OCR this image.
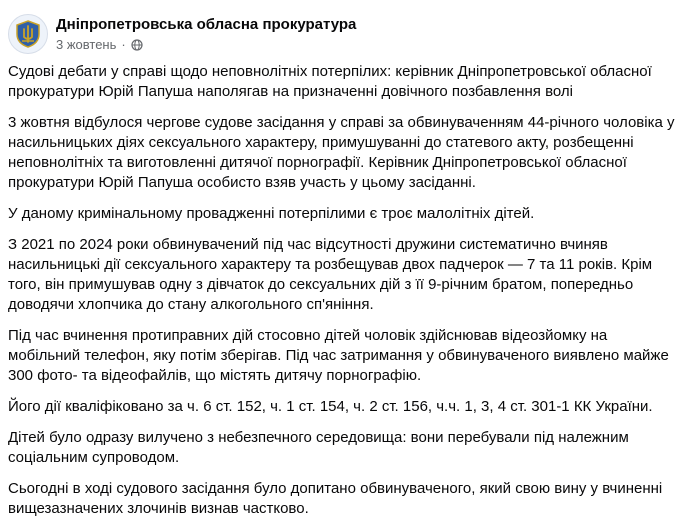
Дніпропетровська обласна прокуратура
3 жовтень ·

Судові дебати у справі щодо неповнолітніх потерпілих: керівник Дніпропетровської обласної прокуратури Юрій Папуша наполягав на призначенні довічного позбавлення волі

3 жовтня відбулося чергове судове засідання у справі за обвинуваченням 44-річного чоловіка у насильницьких діях сексуального характеру, примушуванні до статевого акту, розбещенні неповнолітніх та виготовленні дитячої порнографії. Керівник Дніпропетровської обласної прокуратури Юрій Папуша особисто взяв участь у цьому засіданні.

У даному кримінальному провадженні потерпілими є троє малолітніх дітей.

З 2021 по 2024 роки обвинувачений під час відсутності дружини систематично вчиняв насильницькі дії сексуального характеру та розбещував двох падчерок — 7 та 11 років. Крім того, він примушував одну з дівчаток до сексуальних дій з її 9-річним братом, попередньо доводячи хлопчика до стану алкогольного сп'яніння.

Під час вчинення протиправних дій стосовно дітей чоловік здійснював відеозйомку на мобільний телефон, яку потім зберігав. Під час затримання у обвинуваченого виявлено майже 300 фото- та відеофайлів, що містять дитячу порнографію.

Його дії кваліфіковано за ч. 6 ст. 152, ч. 1 ст. 154, ч. 2 ст. 156, ч.ч. 1, 3, 4 ст. 301-1 КК України.

Дітей було одразу вилучено з небезпечного середовища: вони перебували під належним соціальним супроводом.

Сьогодні в ході судового засідання було допитано обвинуваченого, який свою вину у вчиненні вищезазначених злочинів визнав частково.
